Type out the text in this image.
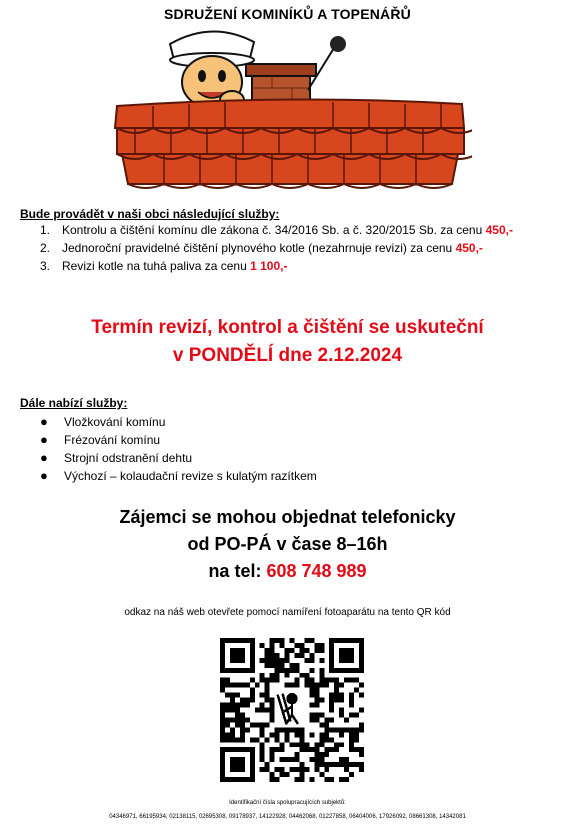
SDRUŽENÍ KOMINÍKŮ A TOPENÁŘŮ
Bude provádět v naši obci následující služby:
1. Kontrolu a čištění komínu dle zákona č. 34/2016 Sb. a č. 320/2015 Sb. za cenu 450,-
2. Jednoroční pravidelné čištění plynového kotle (nezahrnuje revizi) za cenu 450,-
3. Revizi kotle na tuhá paliva za cenu 1 100,-
Termín revizí, kontrol a čištění se uskuteční
v PONDĚLÍ dne 2.12.2024
Dále nabízí služby:
●	Vložkování komínu
●	Frézování komínu
●	Strojní odstranění dehtu
●	Výchozí – kolaudační revize s kulatým razítkem
Zájemci se mohou objednat telefonicky
od PO-PÁ v čase 8–16h
na tel: 608 748 989
odkaz na náš web otevřete pomocí namíření fotoaparátu na tento QR kód
Identifikační čísla spolupracujících subjektů:
04346971, 66195934, 02138115, 02695308, 09178937, 14122928, 04462068, 01227858, 06404006, 17926092, 08661308, 14342081
